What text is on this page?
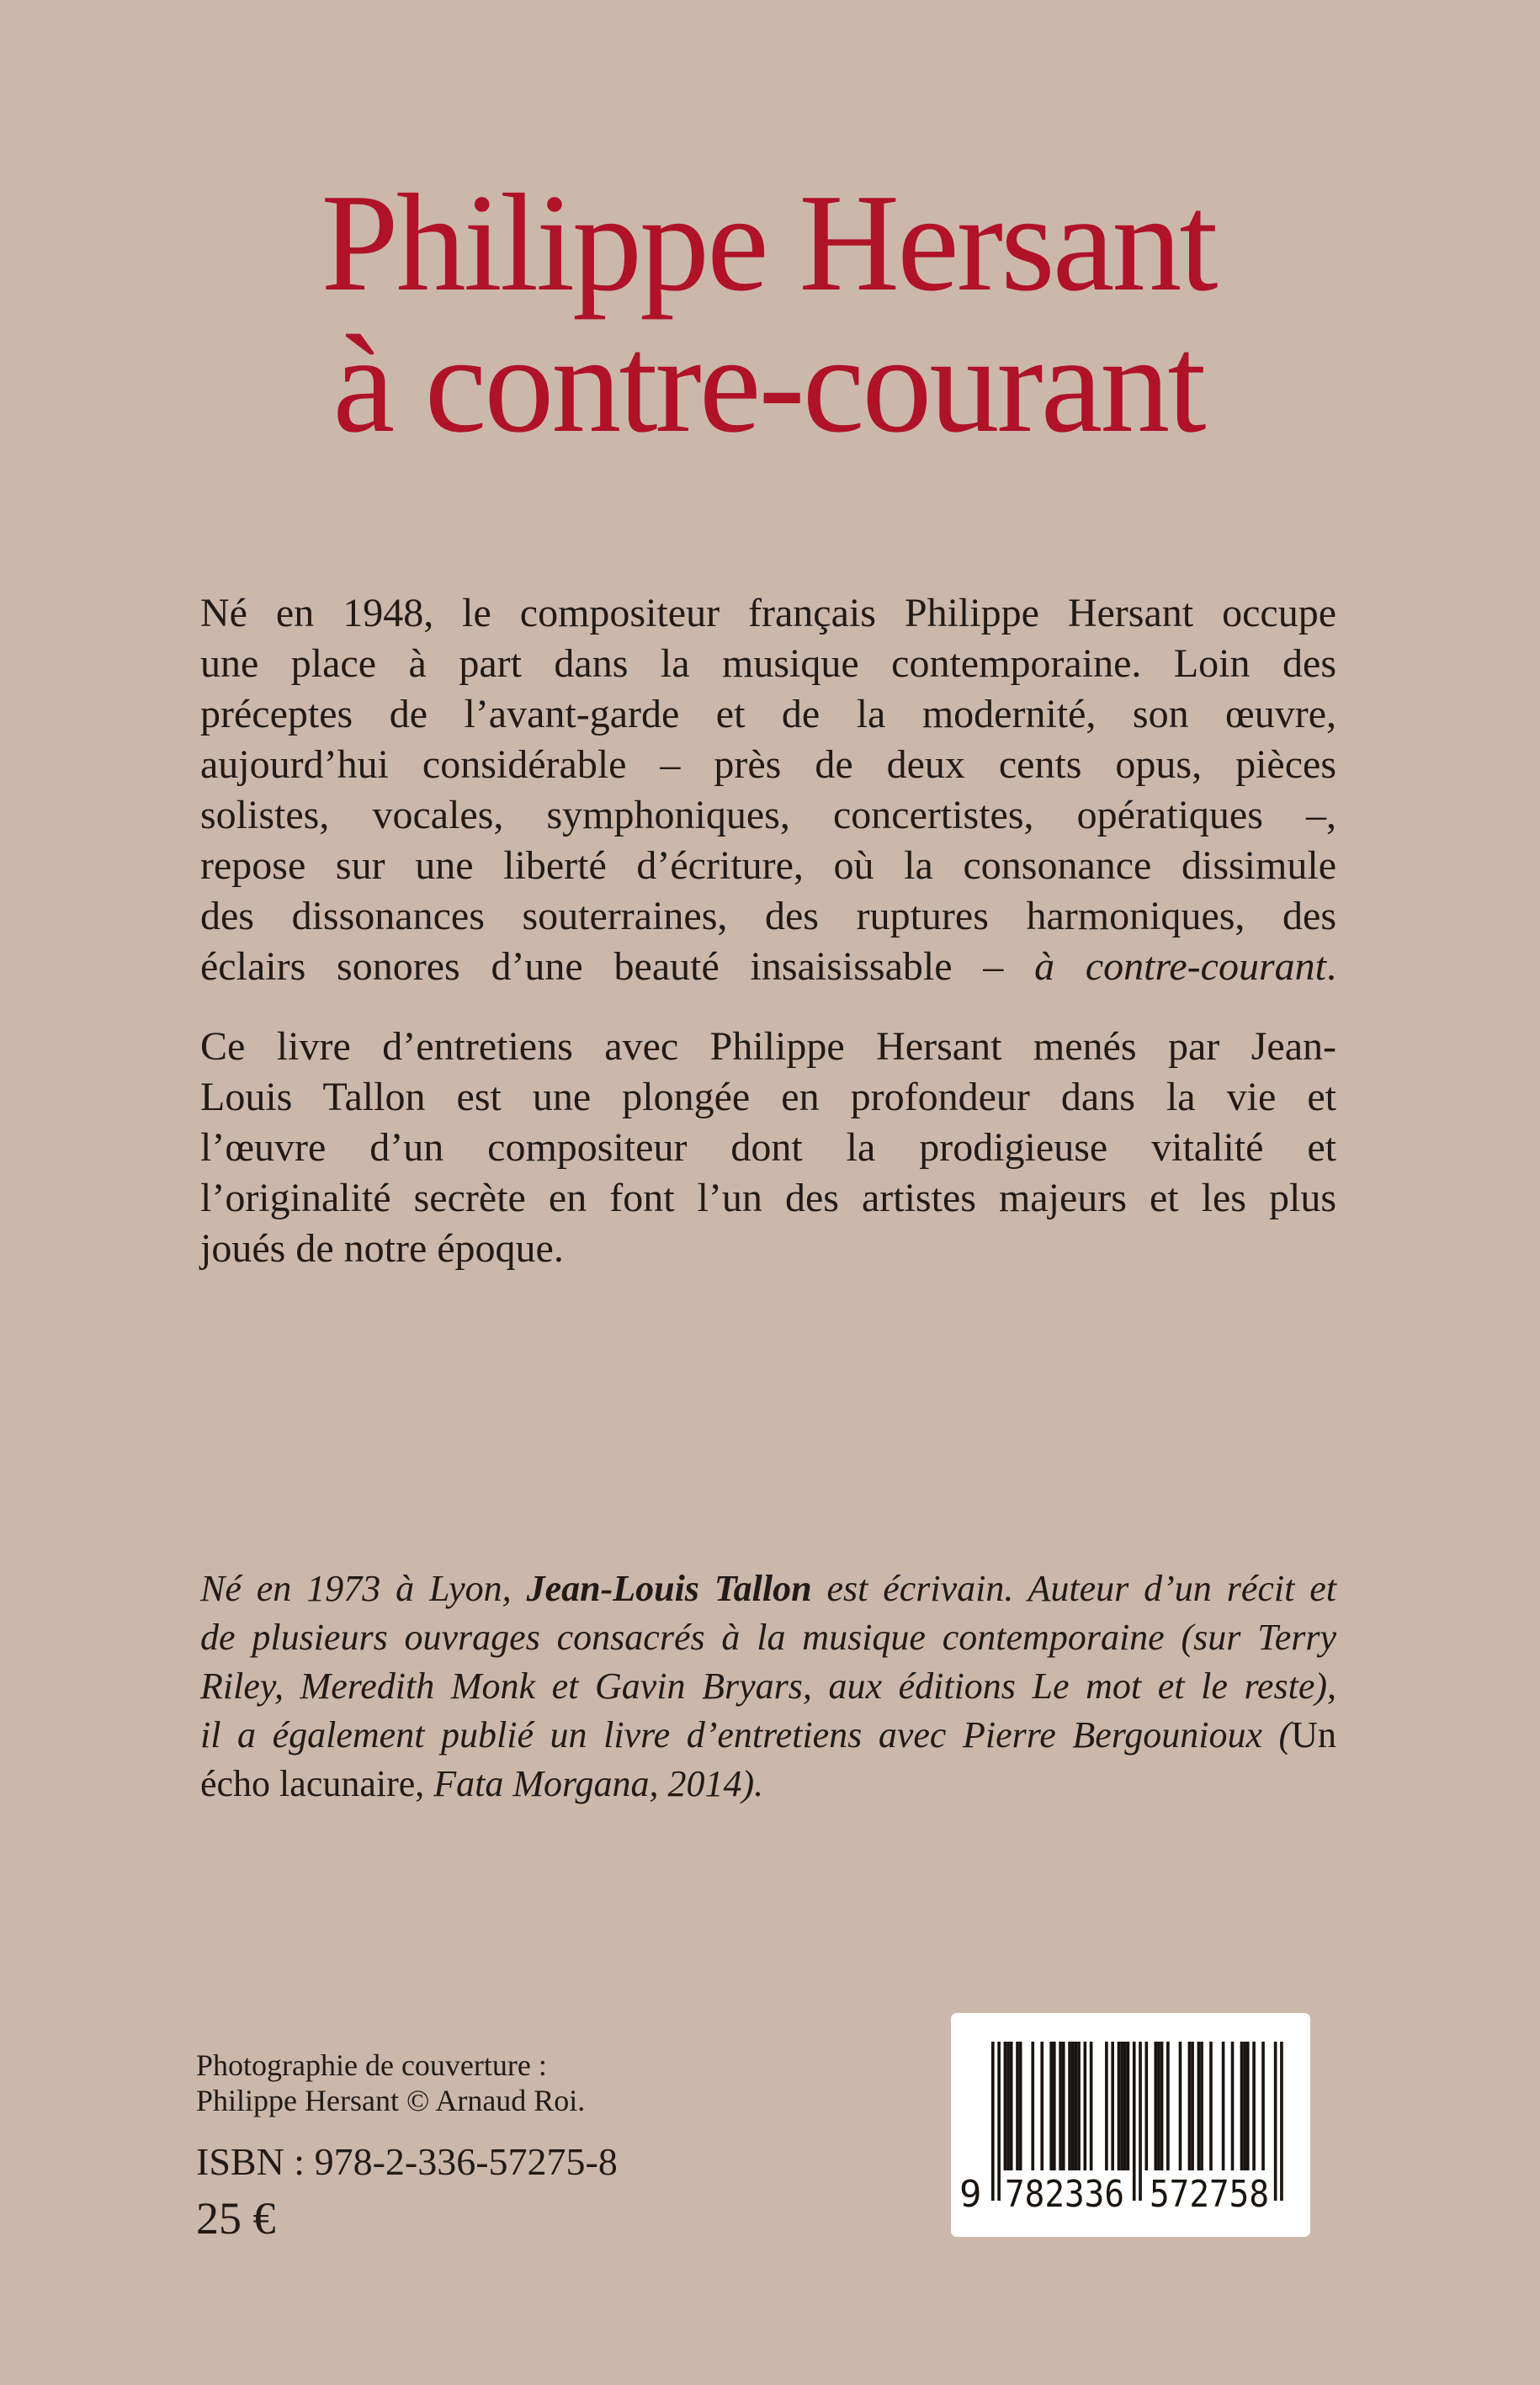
Philippe Hersant
à contre-courant
Né en 1948, le compositeur français Philippe Hersant occupe
une place à part dans la musique contemporaine. Loin des
préceptes de l’avant-garde et de la modernité, son œuvre,
aujourd’hui considérable – près de deux cents opus, pièces
solistes, vocales, symphoniques, concertistes, opératiques –,
repose sur une liberté d’écriture, où la consonance dissimule
des dissonances souterraines, des ruptures harmoniques, des
éclairs sonores d’une beauté insaisissable – à contre-courant.
Ce livre d’entretiens avec Philippe Hersant menés par Jean-
Louis Tallon est une plongée en profondeur dans la vie et
l’œuvre d’un compositeur dont la prodigieuse vitalité et
l’originalité secrète en font l’un des artistes majeurs et les plus
joués de notre époque.
Né en 1973 à Lyon, Jean-Louis Tallon est écrivain. Auteur d’un récit et
de plusieurs ouvrages consacrés à la musique contemporaine (sur Terry
Riley, Meredith Monk et Gavin Bryars, aux éditions Le mot et le reste),
il a également publié un livre d’entretiens avec Pierre Bergounioux (Un
écho lacunaire, Fata Morgana, 2014).
Photographie de couverture :
Philippe Hersant © Arnaud Roi.
ISBN : 978-2-336-57275-8
25 €	9 782336 572758
